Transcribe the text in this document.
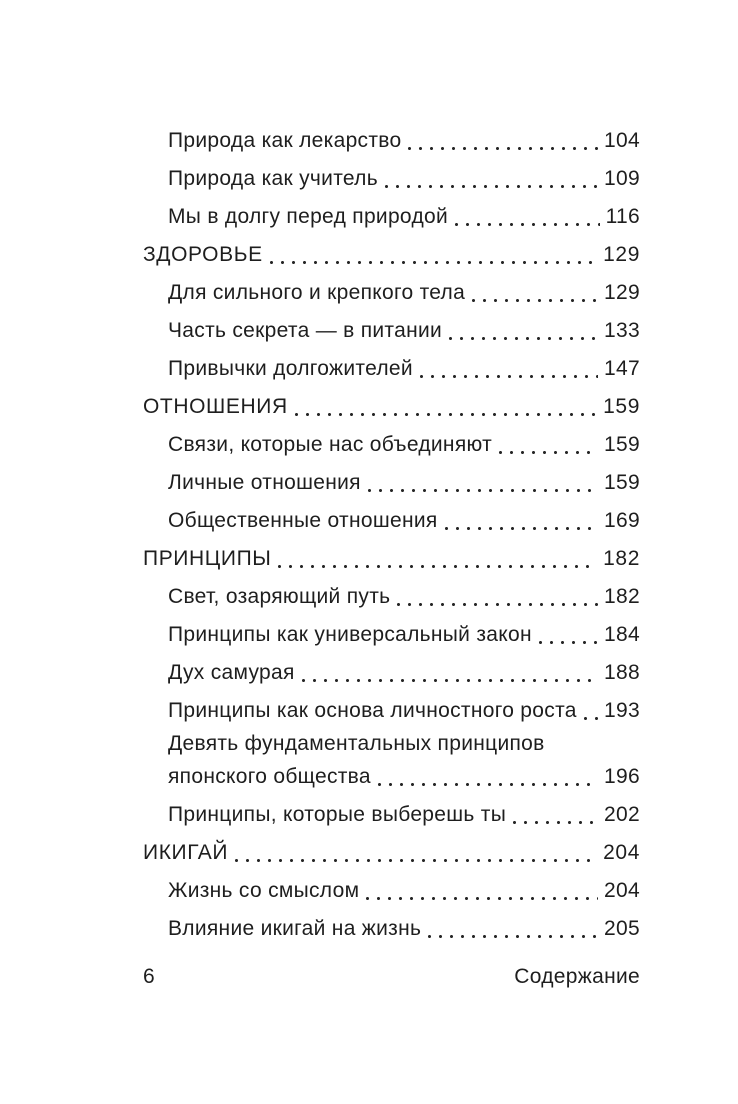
Природа как лекарство	104
Природа как учитель	109
Мы в долгу перед природой	116
ЗДОРОВЬЕ	129
Для сильного и крепкого тела	129
Часть секрета — в питании	133
Привычки долгожителей	147
ОТНОШЕНИЯ	159
Связи, которые нас объединяют	159
Личные отношения	159
Общественные отношения	169
ПРИНЦИПЫ	182
Свет, озаряющий путь	182
Принципы как универсальный закон	184
Дух самурая	188
Принципы как основа личностного роста 193
Девять фундаментальных принципов
японского общества	196
Принципы, которые выберешь ты	202
ИКИГАЙ	204
Жизнь со смыслом	204
Влияние икигай на жизнь	205
6	Содержание
